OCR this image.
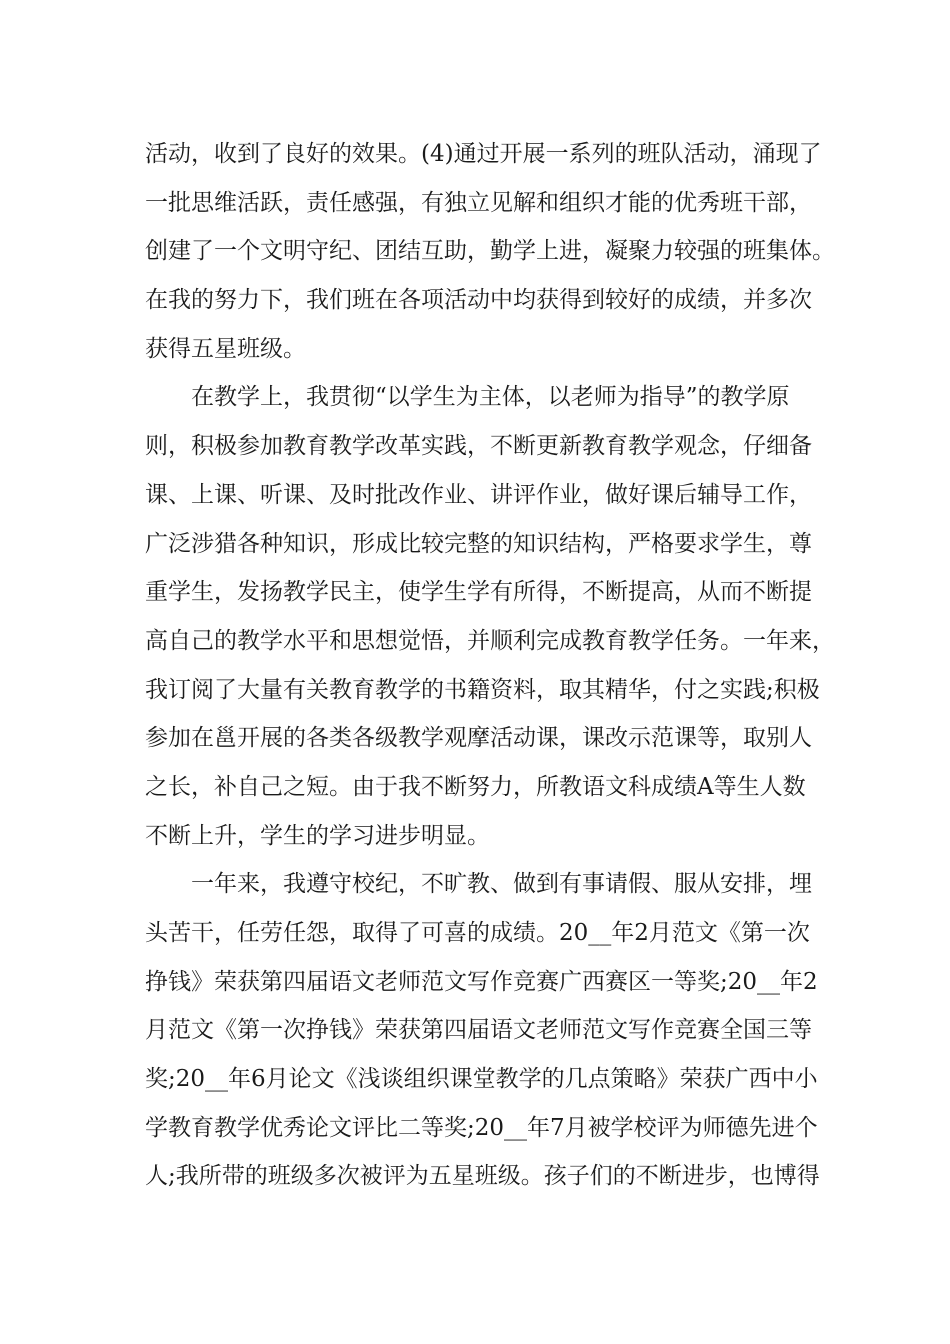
活动，收到了良好的效果。(4)通过开展一系列的班队活动，涌现了
一批思维活跃，责任感强，有独立见解和组织才能的优秀班干部，
创建了一个文明守纪、团结互助，勤学上进，凝聚力较强的班集体。
在我的努力下，我们班在各项活动中均获得到较好的成绩，并多次
获得五星班级。
在教学上，我贯彻“以学生为主体，以老师为指导”的教学原
则，积极参加教育教学改革实践，不断更新教育教学观念，仔细备
课、上课、听课、及时批改作业、讲评作业，做好课后辅导工作，
广泛涉猎各种知识，形成比较完整的知识结构，严格要求学生，尊
重学生，发扬教学民主，使学生学有所得，不断提高，从而不断提
高自己的教学水平和思想觉悟，并顺利完成教育教学任务。一年来，
我订阅了大量有关教育教学的书籍资料，取其精华，付之实践;积极
参加在邕开展的各类各级教学观摩活动课，课改示范课等，取别人
之长，补自己之短。由于我不断努力，所教语文科成绩A等生人数
不断上升，学生的学习进步明显。
一年来，我遵守校纪，不旷教、做到有事请假、服从安排，埋
头苦干，任劳任怨，取得了可喜的成绩。20__年2月范文《第一次
挣钱》荣获第四届语文老师范文写作竞赛广西赛区一等奖;20__年2
月范文《第一次挣钱》荣获第四届语文老师范文写作竞赛全国三等
奖;20__年6月论文《浅谈组织课堂教学的几点策略》荣获广西中小
学教育教学优秀论文评比二等奖;20__年7月被学校评为师德先进个
人;我所带的班级多次被评为五星班级。孩子们的不断进步，也博得
